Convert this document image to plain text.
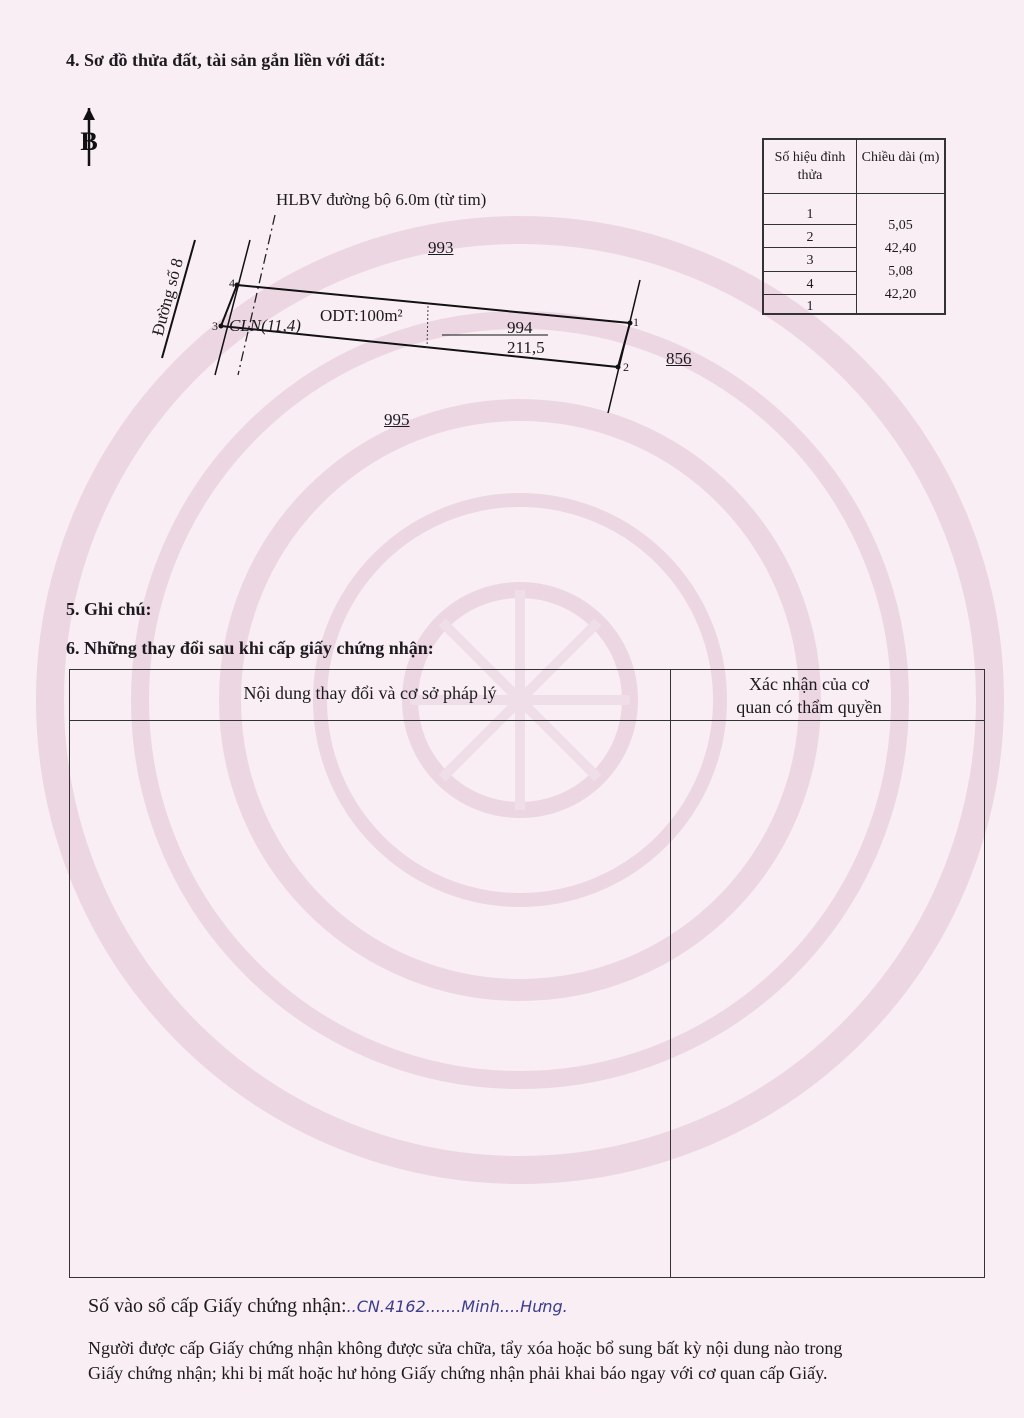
4. Sơ đồ thửa đất, tài sản gắn liền với đất:
B
HLBV đường bộ 6.0m (từ tim)
Đường số 8
993
995
856
994
211,5
ODT:100m²
CLN(11,4)	1
2
3
4
Số hiệu đỉnh thửa
Chiều dài (m)
1
2
3
4
1
5,05
42,40
5,08
42,20
5. Ghi chú:
6. Những thay đổi sau khi cấp giấy chứng nhận:
Nội dung thay đổi và cơ sở pháp lý	Xác nhận của cơ
quan có thẩm quyền
Số vào sổ cấp Giấy chứng nhận:..CN.4162.......Minh....Hưng.
Người được cấp Giấy chứng nhận không được sửa chữa, tẩy xóa hoặc bổ sung bất kỳ nội dung nào trong
Giấy chứng nhận; khi bị mất hoặc hư hỏng Giấy chứng nhận phải khai báo ngay với cơ quan cấp Giấy.
